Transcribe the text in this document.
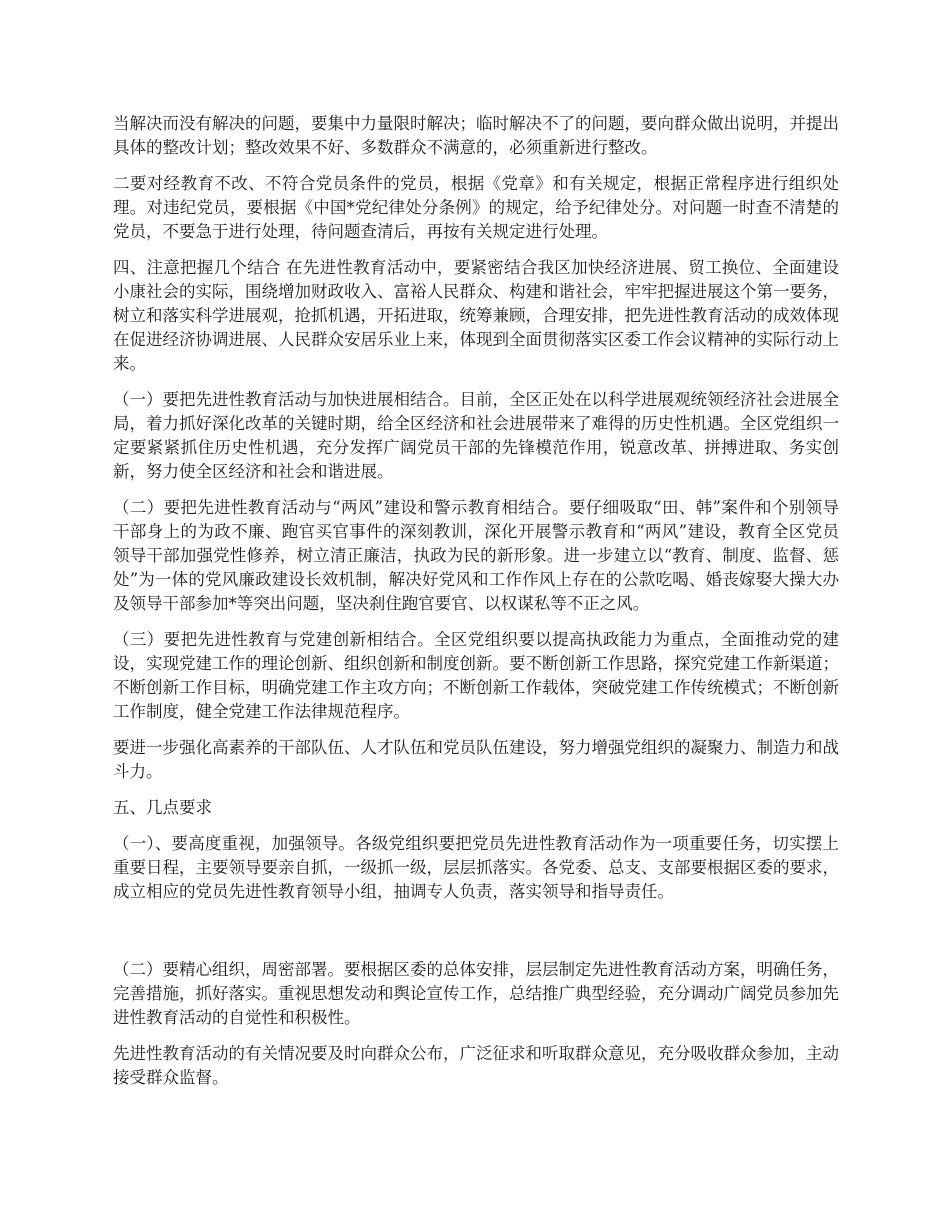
当解决而没有解决的问题，要集中力量限时解决；临时解决不了的问题，要向群众做出说明，并提出具体的整改计划；整改效果不好、多数群众不满意的，必须重新进行整改。

二要对经教育不改、不符合党员条件的党员，根据《党章》和有关规定，根据正常程序进行组织处理。对违纪党员，要根据《中国*党纪律处分条例》的规定，给予纪律处分。对问题一时查不清楚的党员，不要急于进行处理，待问题查清后，再按有关规定进行处理。

四、注意把握几个结合 在先进性教育活动中，要紧密结合我区加快经济进展、贸工换位、全面建设小康社会的实际，围绕增加财政收入、富裕人民群众、构建和谐社会，牢牢把握进展这个第一要务，树立和落实科学进展观，抢抓机遇，开拓进取，统筹兼顾，合理安排，把先进性教育活动的成效体现在促进经济协调进展、人民群众安居乐业上来，体现到全面贯彻落实区委工作会议精神的实际行动上来。

（一）要把先进性教育活动与加快进展相结合。目前，全区正处在以科学进展观统领经济社会进展全局，着力抓好深化改革的关键时期，给全区经济和社会进展带来了难得的历史性机遇。全区党组织一定要紧紧抓住历史性机遇，充分发挥广阔党员干部的先锋模范作用，锐意改革、拼搏进取、务实创新，努力使全区经济和社会和谐进展。

（二）要把先进性教育活动与“两风”建设和警示教育相结合。要仔细吸取“田、韩”案件和个别领导干部身上的为政不廉、跑官买官事件的深刻教训，深化开展警示教育和“两风”建设，教育全区党员领导干部加强党性修养，树立清正廉洁，执政为民的新形象。进一步建立以“教育、制度、监督、惩处”为一体的党风廉政建设长效机制，解决好党风和工作作风上存在的公款吃喝、婚丧嫁娶大操大办及领导干部参加*等突出问题，坚决刹住跑官要官、以权谋私等不正之风。

（三）要把先进性教育与党建创新相结合。全区党组织要以提高执政能力为重点，全面推动党的建设，实现党建工作的理论创新、组织创新和制度创新。要不断创新工作思路，探究党建工作新渠道；不断创新工作目标，明确党建工作主攻方向；不断创新工作载体，突破党建工作传统模式；不断创新工作制度，健全党建工作法律规范程序。

要进一步强化高素养的干部队伍、人才队伍和党员队伍建设，努力增强党组织的凝聚力、制造力和战斗力。

五、几点要求

（一）、要高度重视，加强领导。各级党组织要把党员先进性教育活动作为一项重要任务，切实摆上重要日程，主要领导要亲自抓，一级抓一级，层层抓落实。各党委、总支、支部要根据区委的要求，成立相应的党员先进性教育领导小组，抽调专人负责，落实领导和指导责任。

（二）要精心组织，周密部署。要根据区委的总体安排，层层制定先进性教育活动方案，明确任务，完善措施，抓好落实。重视思想发动和舆论宣传工作，总结推广典型经验，充分调动广阔党员参加先进性教育活动的自觉性和积极性。

先进性教育活动的有关情况要及时向群众公布，广泛征求和听取群众意见，充分吸收群众参加，主动接受群众监督。
